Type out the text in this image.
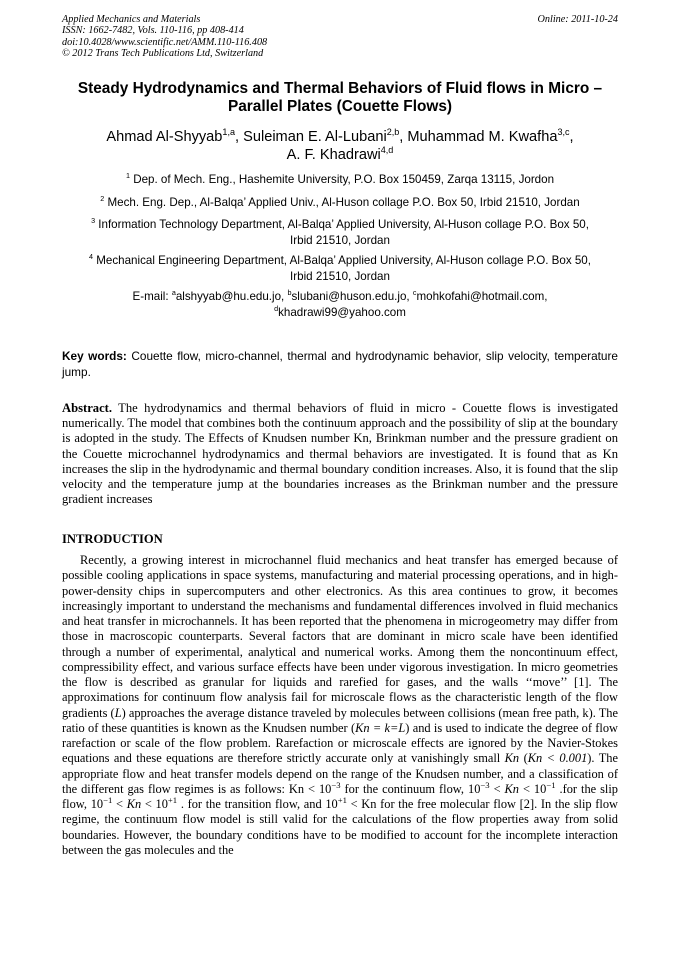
Applied Mechanics and Materials
ISSN: 1662-7482, Vols. 110-116, pp 408-414
doi:10.4028/www.scientific.net/AMM.110-116.408
© 2012 Trans Tech Publications Ltd, Switzerland
Online: 2011-10-24
Steady Hydrodynamics and Thermal Behaviors of Fluid flows in Micro –
Parallel Plates (Couette Flows)
Ahmad Al-Shyyab$^{1,a}$, Suleiman E. Al-Lubani$^{2,b}$, Muhammad M. Kwafha$^{3,c}$,
A. F. Khadrawi$^{4,d}$
$^1$ Dep. of Mech. Eng., Hashemite University, P.O. Box 150459, Zarqa 13115, Jordon
$^2$ Mech. Eng. Dep., Al-Balqa’ Applied Univ., Al-Huson collage P.O. Box 50, Irbid 21510, Jordan
$^3$ Information Technology Department, Al-Balqa’ Applied University, Al-Huson collage P.O. Box 50,
Irbid 21510, Jordan
$^4$ Mechanical Engineering Department, Al-Balqa’ Applied University, Al-Huson collage P.O. Box 50,
Irbid 21510, Jordan
E-mail: $^a$alshyyab@hu.edu.jo, $^b$slubani@huson.edu.jo, $^c$mohkofahi@hotmail.com,
$^d$khadrawi99@yahoo.com
Key words: Couette flow, micro-channel, thermal and hydrodynamic behavior, slip velocity, temperature jump.
Abstract. The hydrodynamics and thermal behaviors of fluid in micro - Couette flows is investigated numerically. The model that combines both the continuum approach and the possibility of slip at the boundary is adopted in the study. The Effects of Knudsen number Kn, Brinkman number and the pressure gradient on the Couette microchannel hydrodynamics and thermal behaviors are investigated. It is found that as Kn increases the slip in the hydrodynamic and thermal boundary condition increases. Also, it is found that the slip velocity and the temperature jump at the boundaries increases as the Brinkman number and the pressure gradient increases
INTRODUCTION
Recently, a growing interest in microchannel fluid mechanics and heat transfer has emerged because of possible cooling applications in space systems, manufacturing and material processing operations, and in high-power-density chips in supercomputers and other electronics. As this area continues to grow, it becomes increasingly important to understand the mechanisms and fundamental differences involved in fluid mechanics and heat transfer in microchannels. It has been reported that the phenomena in microgeometry may differ from those in macroscopic counterparts. Several factors that are dominant in micro scale have been identified through a number of experimental, analytical and numerical works. Among them the noncontinuum effect, compressibility effect, and various surface effects have been under vigorous investigation. In micro geometries the flow is described as granular for liquids and rarefied for gases, and the walls ‘‘move’’ [1]. The approximations for continuum flow analysis fail for microscale flows as the characteristic length of the flow gradients (L) approaches the average distance traveled by molecules between collisions (mean free path, k). The ratio of these quantities is known as the Knudsen number (Kn = k=L) and is used to indicate the degree of flow rarefaction or scale of the flow problem. Rarefaction or microscale effects are ignored by the Navier-Stokes equations and these equations are therefore strictly accurate only at vanishingly small Kn (Kn < 0.001). The appropriate flow and heat transfer models depend on the range of the Knudsen number, and a classification of the different gas flow regimes is as follows: $Kn < 10^{-3}$ for the continuum flow, $10^{-3} < Kn < 10^{-1}$ .for the slip flow, $10^{-1} < Kn < 10^{+1}$ . for the transition flow, and $10^{+1} < Kn$ for the free molecular flow [2]. In the slip flow regime, the continuum flow model is still valid for the calculations of the flow properties away from solid boundaries. However, the boundary conditions have to be modified to account for the incomplete interaction between the gas molecules and the
